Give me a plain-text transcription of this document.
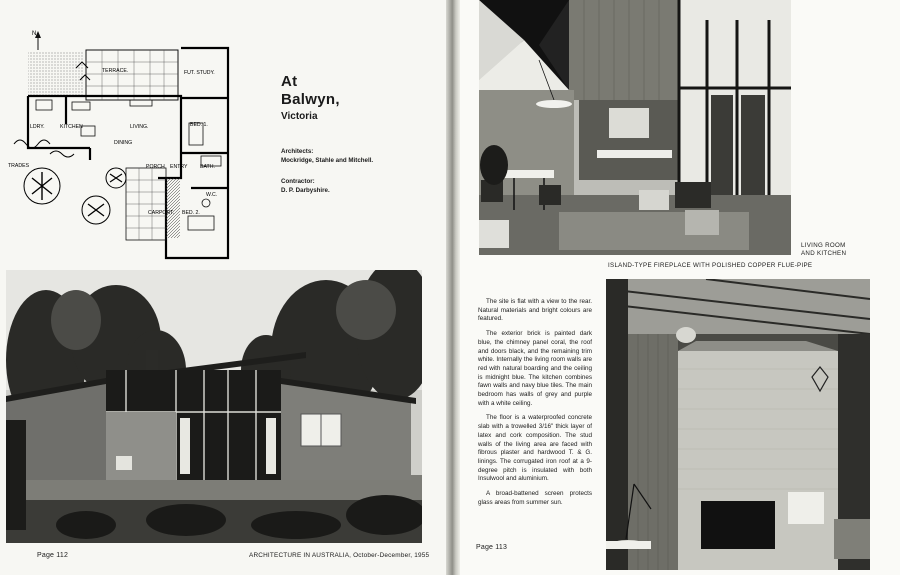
N
TERRACE.	FUT. STUDY.
LDRY.	KITCHEN	LIVING.	BED. 1.
DINING
TRADES	PORCH ENTRY BATH.
W.C.
CARPORT. BED. 2.
At
Balwyn,
Victoria
Architects:
Mockridge, Stahle and Mitchell.
Contractor:
D. P. Darbyshire.
Page 112	ARCHITECTURE IN AUSTRALIA, October-December, 1955
LIVING ROOM
AND KITCHEN
ISLAND-TYPE FIREPLACE WITH POLISHED COPPER FLUE-PIPE

The site is flat with a view to the rear. Natural materials and bright colours are featured.

The exterior brick is painted dark blue, the chimney panel coral, the roof and doors black, and the remaining trim white. Internally the living room walls are red with natural boarding and the ceiling is midnight blue. The kitchen combines fawn walls and navy blue tiles. The main bedroom has walls of grey and purple with a white ceiling.

The floor is a waterproofed concrete slab with a trowelled 3/16" thick layer of latex and cork composition. The stud walls of the living area are faced with fibrous plaster and hardwood T. & G. linings. The corrugated iron roof at a 9-degree pitch is insulated with both Insulwool and aluminium.

A broad-battened screen protects glass areas from summer sun.

Page 113
